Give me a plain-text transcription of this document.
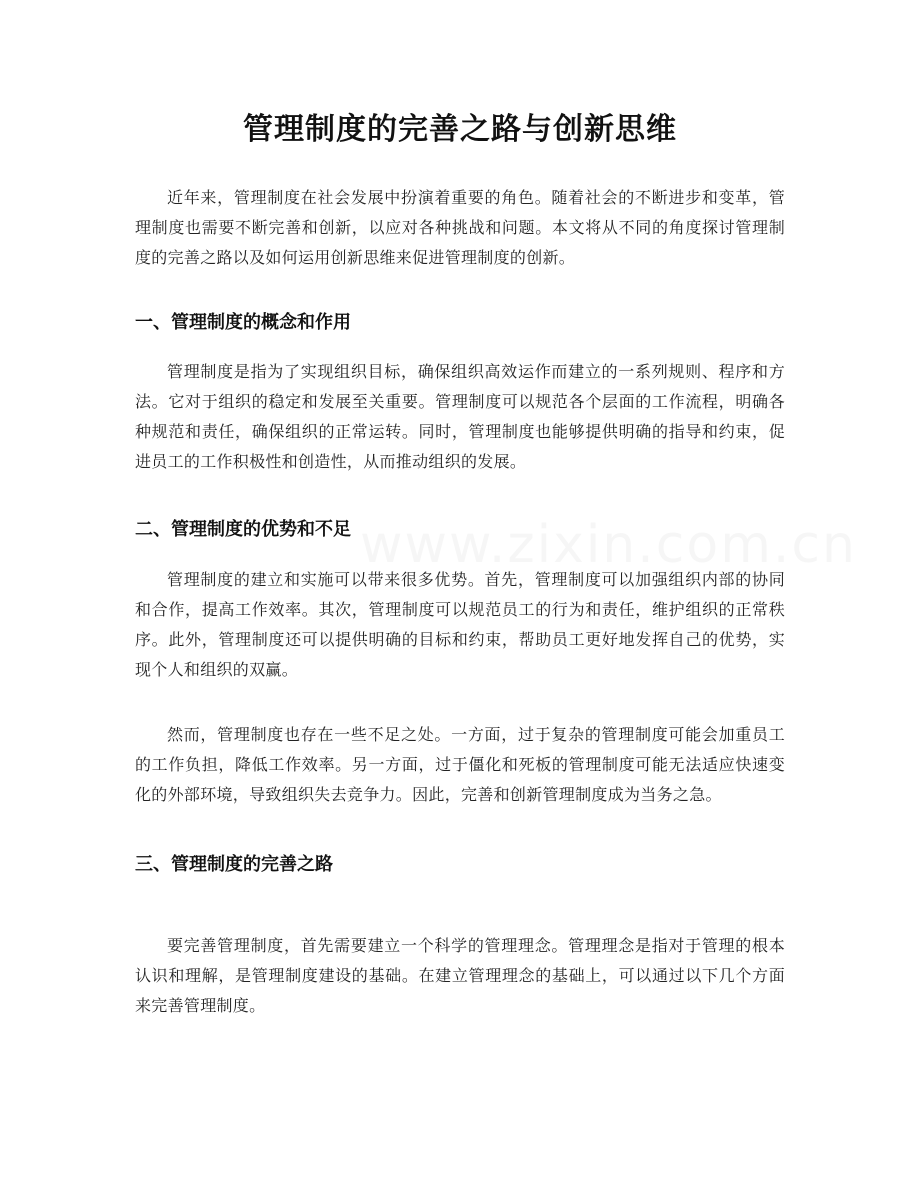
www.zixin.com.cn
管理制度的完善之路与创新思维

近年来，管理制度在社会发展中扮演着重要的角色。随着社会的不断进步和变革，管理制度也需要不断完善和创新，以应对各种挑战和问题。本文将从不同的角度探讨管理制度的完善之路以及如何运用创新思维来促进管理制度的创新。

一、管理制度的概念和作用

管理制度是指为了实现组织目标，确保组织高效运作而建立的一系列规则、程序和方法。它对于组织的稳定和发展至关重要。管理制度可以规范各个层面的工作流程，明确各种规范和责任，确保组织的正常运转。同时，管理制度也能够提供明确的指导和约束，促进员工的工作积极性和创造性，从而推动组织的发展。

二、管理制度的优势和不足

管理制度的建立和实施可以带来很多优势。首先，管理制度可以加强组织内部的协同和合作，提高工作效率。其次，管理制度可以规范员工的行为和责任，维护组织的正常秩序。此外，管理制度还可以提供明确的目标和约束，帮助员工更好地发挥自己的优势，实现个人和组织的双赢。

然而，管理制度也存在一些不足之处。一方面，过于复杂的管理制度可能会加重员工的工作负担，降低工作效率。另一方面，过于僵化和死板的管理制度可能无法适应快速变化的外部环境，导致组织失去竞争力。因此，完善和创新管理制度成为当务之急。

三、管理制度的完善之路

要完善管理制度，首先需要建立一个科学的管理理念。管理理念是指对于管理的根本认识和理解，是管理制度建设的基础。在建立管理理念的基础上，可以通过以下几个方面来完善管理制度。
